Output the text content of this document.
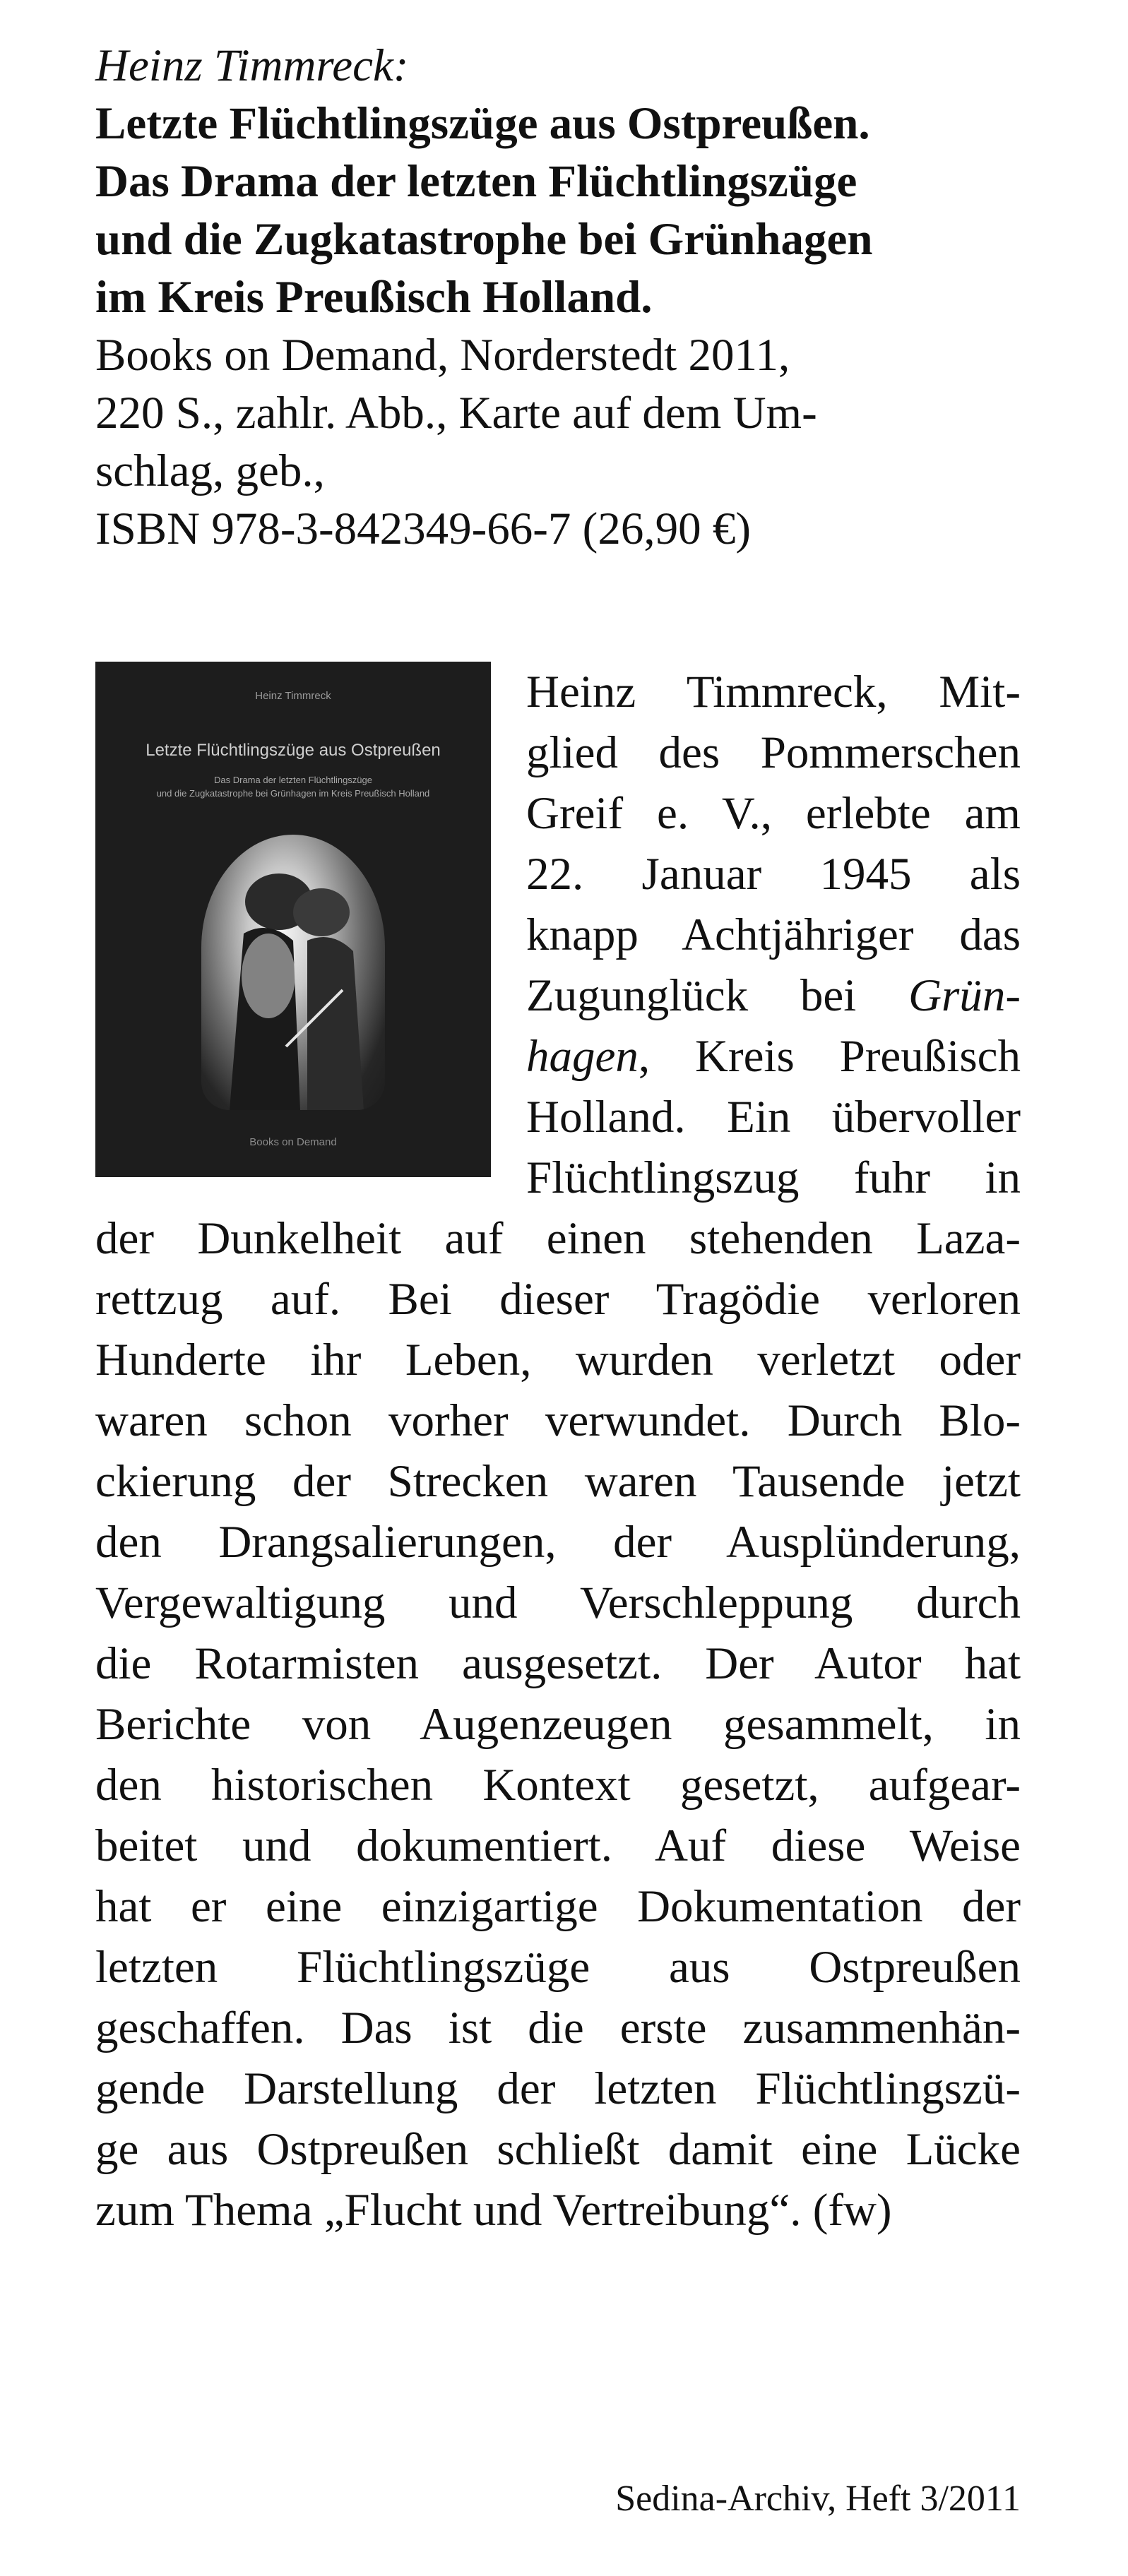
Heinz Timmreck:

Letzte Flüchtlingszüge aus Ostpreußen.
Das Drama der letzten Flüchtlingszüge
und die Zugkatastrophe bei Grünhagen
im Kreis Preußisch Holland.

Books on Demand, Norderstedt 2011,
220 S., zahlr. Abb., Karte auf dem Um-
schlag, geb.,
ISBN 978-3-842349-66-7 (26,90 €)

Heinz Timmreck
Letzte Flüchtlingszüge aus Ostpreußen
Das Drama der letzten Flüchtlingszüge
und die Zugkatastrophe bei Grünhagen im Kreis Preußisch Holland
Books on Demand
Heinz Timmreck, Mit-
glied des Pommerschen
Greif e. V., erlebte am
22. Januar 1945 als
knapp Achtjähriger das
Zugunglück bei Grün-
hagen, Kreis Preußisch
Holland. Ein übervoller
Flüchtlingszug fuhr in
der Dunkelheit auf einen stehenden Laza-
rettzug auf. Bei dieser Tragödie verloren
Hunderte ihr Leben, wurden verletzt oder
waren schon vorher verwundet. Durch Blo-
ckierung der Strecken waren Tausende jetzt
den Drangsalierungen, der Ausplünderung,
Vergewaltigung und Verschleppung durch
die Rotarmisten ausgesetzt. Der Autor hat
Berichte von Augenzeugen gesammelt, in
den historischen Kontext gesetzt, aufgear-
beitet und dokumentiert. Auf diese Weise
hat er eine einzigartige Dokumentation der
letzten Flüchtlingszüge aus Ostpreußen
geschaffen. Das ist die erste zusammenhän-
gende Darstellung der letzten Flüchtlingszü-
ge aus Ostpreußen schließt damit eine Lücke
zum Thema „Flucht und Vertreibung“. (fw)

Sedina-Archiv, Heft 3/2011
